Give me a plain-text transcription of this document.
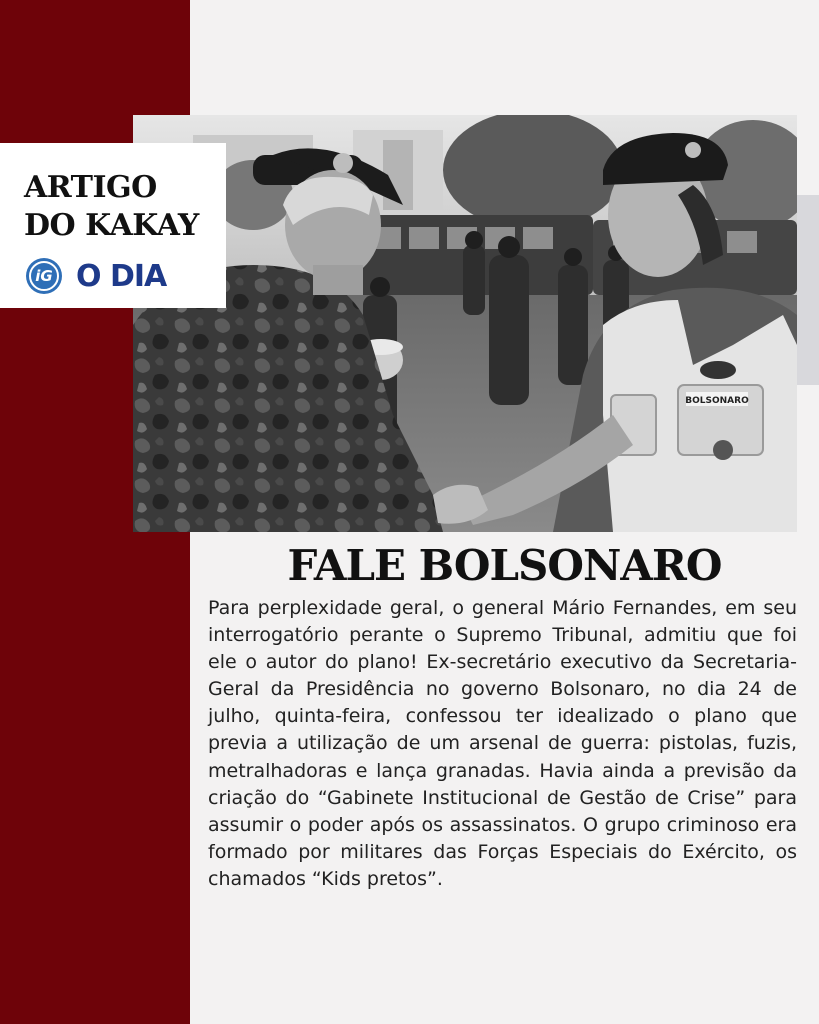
BOLSONARO
ARTIGO
DO KAKAY
iG O DIA
FALE BOLSONARO
Para perplexidade geral, o general Mário Fernandes, em seu interrogatório perante o Supremo Tribunal, admitiu que foi ele o autor do plano! Ex-secretário executivo da Secretaria-Geral da Presidência no governo Bolsonaro, no dia 24 de julho, quinta-feira, confessou ter idealizado o plano que previa a utilização de um arsenal de guerra: pistolas, fuzis, metralhadoras e lança granadas. Havia ainda a previsão da criação do “Gabinete Institucional de Gestão de Crise” para assumir o poder após os assassinatos. O grupo criminoso era formado por militares das Forças Especiais do Exército, os chamados “Kids pretos”.
